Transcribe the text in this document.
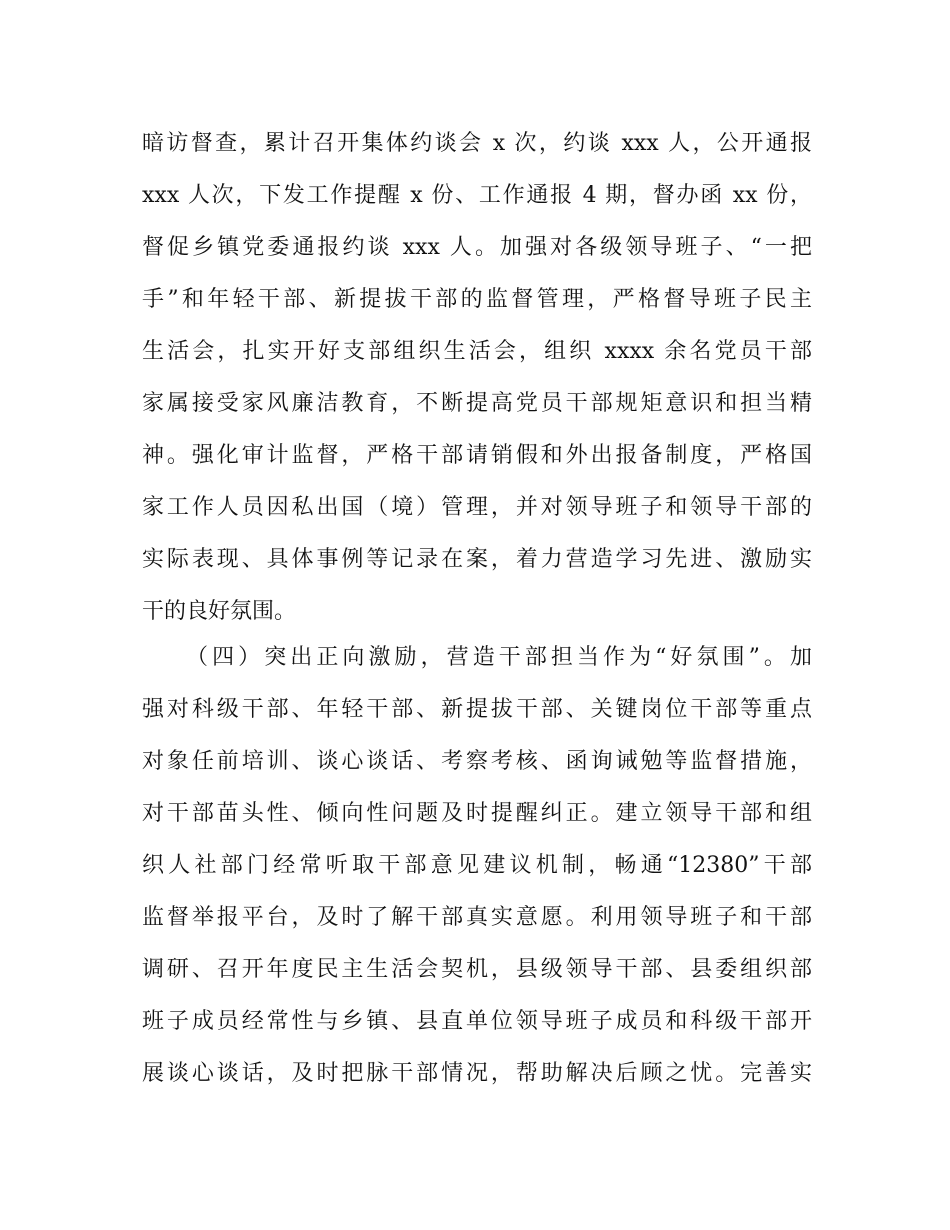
暗访督查，累计召开集体约谈会 x 次，约谈 xxx 人，公开通报
xxx 人次，下发工作提醒 x 份、工作通报 4 期，督办函 xx 份，
督促乡镇党委通报约谈 xxx 人。加强对各级领导班子、“一把
手”和年轻干部、新提拔干部的监督管理，严格督导班子民主
生活会，扎实开好支部组织生活会，组织 xxxx 余名党员干部
家属接受家风廉洁教育，不断提高党员干部规矩意识和担当精
神。强化审计监督，严格干部请销假和外出报备制度，严格国
家工作人员因私出国（境）管理，并对领导班子和领导干部的
实际表现、具体事例等记录在案，着力营造学习先进、激励实
干的良好氛围。
（四）突出正向激励，营造干部担当作为“好氛围”。加
强对科级干部、年轻干部、新提拔干部、关键岗位干部等重点
对象任前培训、谈心谈话、考察考核、函询诫勉等监督措施，
对干部苗头性、倾向性问题及时提醒纠正。建立领导干部和组
织人社部门经常听取干部意见建议机制，畅通“12380”干部
监督举报平台，及时了解干部真实意愿。利用领导班子和干部
调研、召开年度民主生活会契机，县级领导干部、县委组织部
班子成员经常性与乡镇、县直单位领导班子成员和科级干部开
展谈心谈话，及时把脉干部情况，帮助解决后顾之忧。完善实
